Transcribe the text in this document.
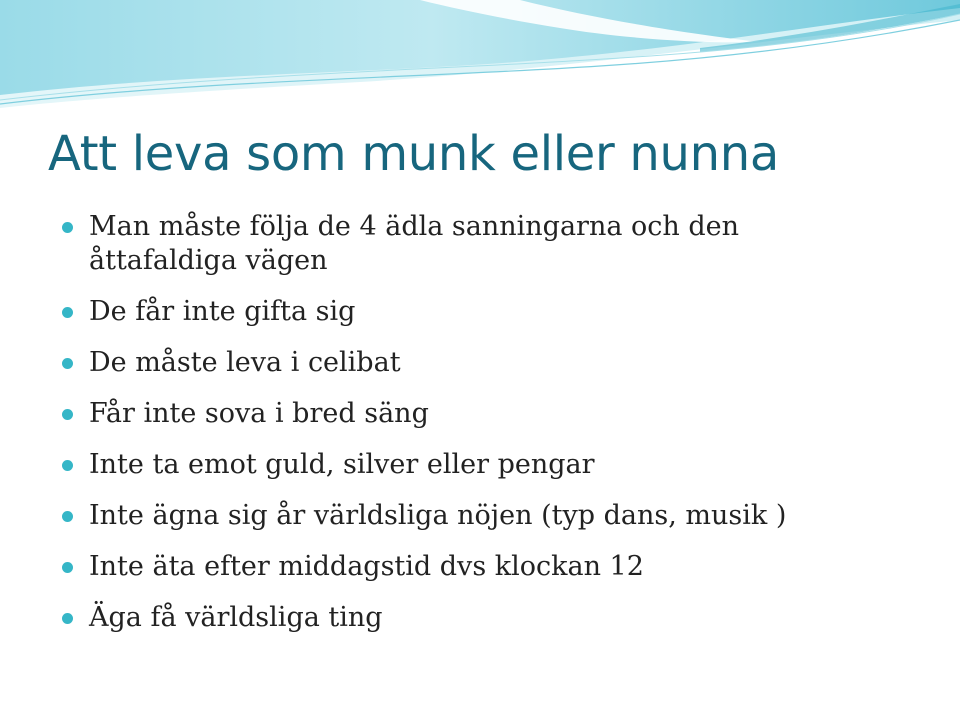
Att leva som munk eller nunna
Man måste följa de 4 ädla sanningarna och den åttafaldiga vägen
De får inte gifta sig
De måste leva i celibat
Får inte sova i bred säng
Inte ta emot guld, silver eller pengar
Inte ägna sig år världsliga nöjen (typ dans, musik )
Inte äta efter middagstid dvs klockan 12
Äga få världsliga ting
